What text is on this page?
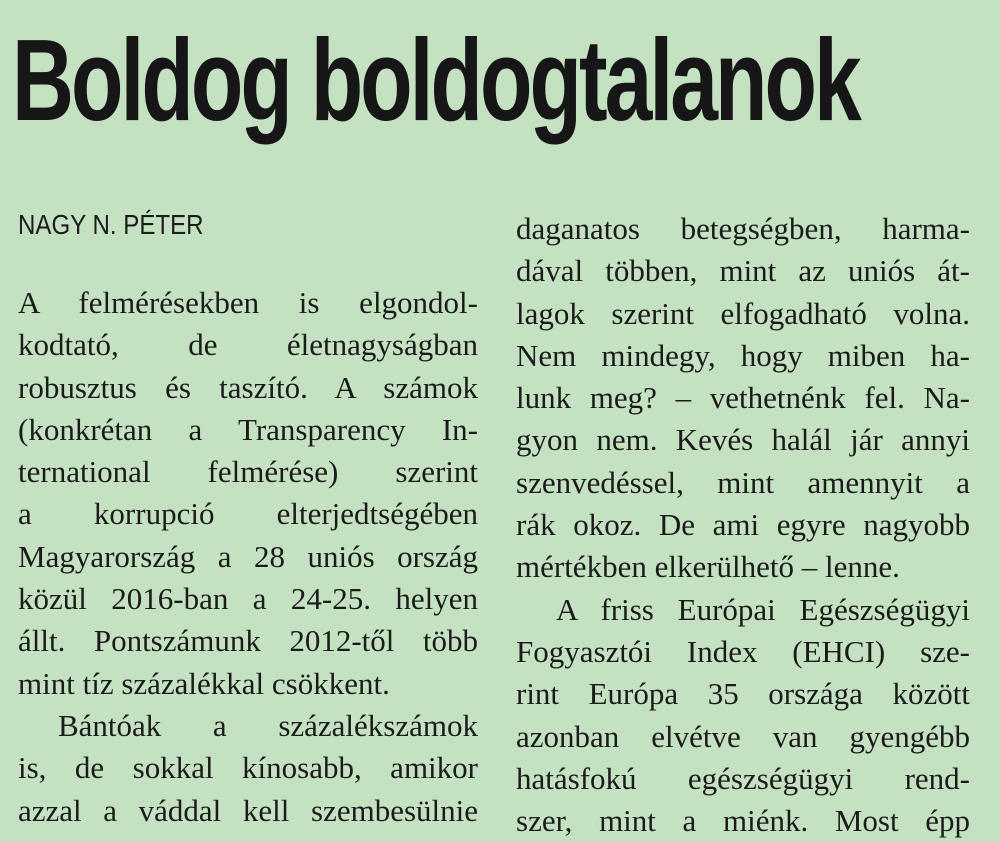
Boldog boldogtalanok
NAGY N. PÉTER
A felmérésekben is elgondol-
kodtató, de életnagyságban
robusztus és taszító. A számok
(konkrétan a Transparency In-
ternational felmérése) szerint
a korrupció elterjedtségében
Magyarország a 28 uniós ország
közül 2016-ban a 24-25. helyen
állt. Pontszámunk 2012-től több
mint tíz százalékkal csökkent.
Bántóak a százalékszámok
is, de sokkal kínosabb, amikor
azzal a váddal kell szembesülnie
daganatos betegségben, harma-
dával többen, mint az uniós át-
lagok szerint elfogadható volna.
Nem mindegy, hogy miben ha-
lunk meg? – vethetnénk fel. Na-
gyon nem. Kevés halál jár annyi
szenvedéssel, mint amennyit a
rák okoz. De ami egyre nagyobb
mértékben elkerülhető – lenne.
A friss Európai Egészségügyi
Fogyasztói Index (EHCI) sze-
rint Európa 35 országa között
azonban elvétve van gyengébb
hatásfokú egészségügyi rend-
szer, mint a miénk. Most épp
